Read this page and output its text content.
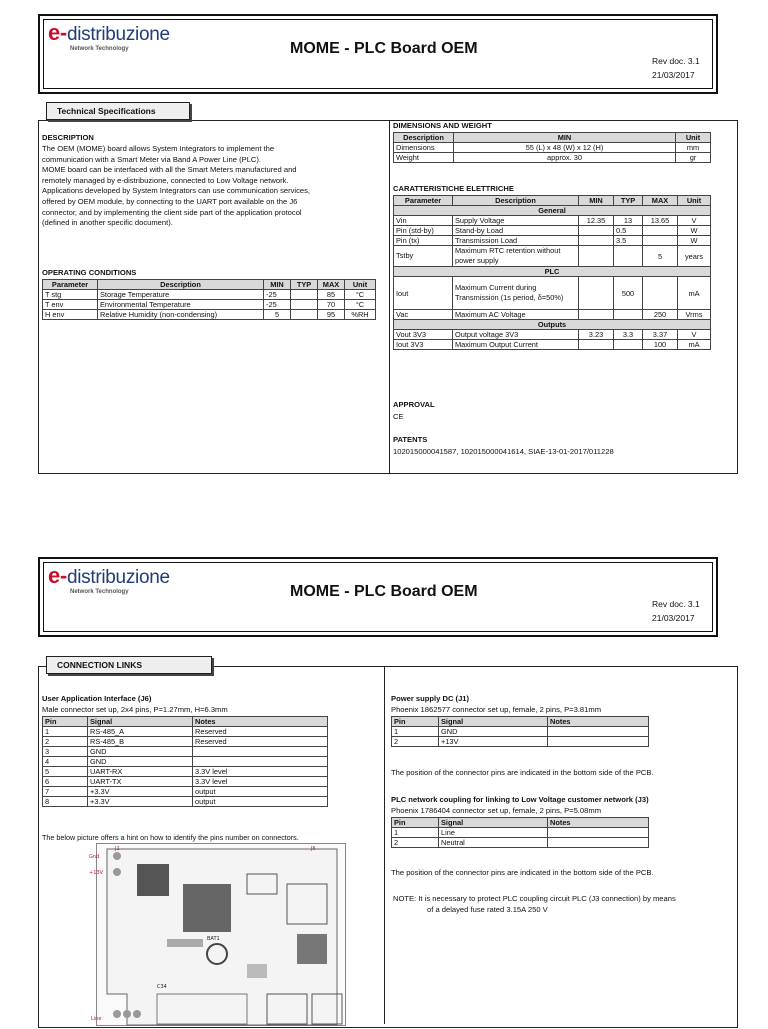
e-distribuzione
Network Technology	MOME - PLC Board OEM
Rev doc. 3.1
21/03/2017
Technical Specifications
DESCRIPTION
The OEM (MOME) board allows System Integrators to implement the
communication with a Smart Meter via Band A Power Line (PLC).
MOME board can be interfaced with all the Smart Meters manufactured and
remotely managed by e-distribuzione, connected to Low Voltage network.
Applications developed by System Integrators can use communication services,
offered by OEM module, by connecting to the UART port available on the J6
connector, and by implementing the client side part of the application protocol
(defined in another specific document).
OPERATING CONDITIONS
Parameter	Description	MIN	TYP	MAX	Unit
T stg	Storage Temperature	-25		85	°C
T env	Environmental Temperature	-25		70	°C
H env	Relative Humidity (non-condensing)	5		95	%RH
DIMENSIONS AND WEIGHT
Description	MIN	Unit
Dimensions	55 (L) x 48 (W) x 12 (H)	mm
Weight	approx. 30	gr
CARATTERISTICHE ELETTRICHE
Parameter	Description	MIN	TYP	MAX	Unit
General					
Vin	Supply Voltage	12.35	13	13.65	V
Pin (std-by)	Stand-by Load		0.5		W
Pin (tx)	Transmission Load		3.5		W
Tstby	Maximum RTC retention without power supply			5	years
PLC					
Iout	Maximum Current during Transmission (1s period, δ=50%)		500		mA
Vac	Maximum AC Voltage			250	Vrms
Outputs					
Vout 3V3	Output voltage 3V3	3.23	3.3	3.37	V
Iout 3V3	Maximum Output Current			100	mA
APPROVAL
CE
PATENTS
102015000041587, 102015000041614, SIAE-13-01-2017/011228
e-distribuzione
Network Technology	MOME - PLC Board OEM
Rev doc. 3.1
21/03/2017
CONNECTION LINKS
User Application Interface (J6)
Male connector set up, 2x4 pins, P=1.27mm, H=6.3mm
Pin	Signal	Notes
1	RS-485_A	Reserved
2	RS-485_B	Reserved
3	GND	
4	GND	
5	UART-RX	3.3V level
6	UART-TX	3.3V level
7	+3.3V	output
8	+3.3V	output
The below picture offers a hint on how to identify the pins number on connectors.
Gnd
+13V
J1
Line
BAT1
C34
J6
Power supply DC (J1)
Phoenix 1862577 connector set up, female, 2 pins, P=3.81mm
Pin	Signal	Notes
1	GND	
2	+13V	
The position of the connector pins are indicated in the bottom side of the PCB.
PLC network coupling for linking to Low Voltage customer network (J3)
Phoenix 1786404 connector set up, female, 2 pins, P=5.08mm
Pin	Signal	Notes
1	Line	
2	Neutral	
The position of the connector pins are indicated in the bottom side of the PCB.
NOTE: It is necessary to protect PLC coupling circuit PLC (J3 connection) by means
of a delayed fuse rated 3.15A 250 V
